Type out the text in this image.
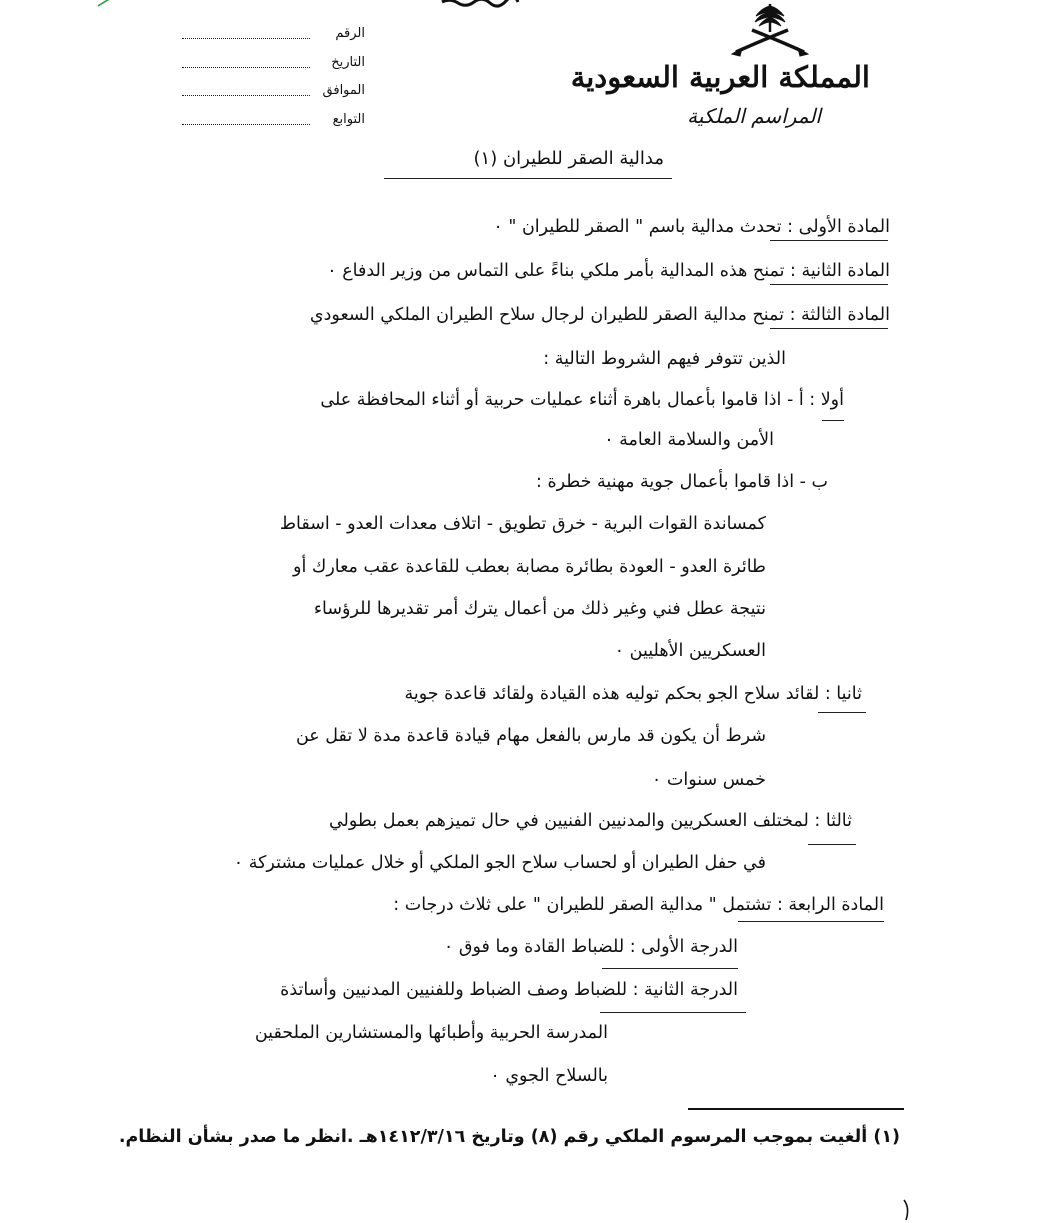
المملكة العربية السعودية
المراسم الملكية
الرقم
التاريخ
الموافق
التوابع
مدالية الصقر للطيران (١)
المادة الأولى : تحدث مدالية باسم " الصقر للطيران " ٠
المادة الثانية : تمنح هذه المدالية بأمر ملكي بناءً على التماس من وزير الدفاع ٠
المادة الثالثة : تمنح مدالية الصقر للطيران لرجال سلاح الطيران الملكي السعودي
الذين تتوفر فيهم الشروط التالية :
أولا : أ - اذا قاموا بأعمال باهرة أثناء عمليات حربية أو أثناء المحافظة على
الأمن والسلامة العامة ٠
ب - اذا قاموا بأعمال جوية مهنية خطرة :
كمساندة القوات البرية - خرق تطويق - اتلاف معدات العدو - اسقاط
طائرة العدو - العودة بطائرة مصابة بعطب للقاعدة عقب معارك أو
نتيجة عطل فني وغير ذلك من أعمال يترك أمر تقديرها للرؤساء
العسكريين الأهليين ٠
ثانيا : لقائد سلاح الجو بحكم توليه هذه القيادة ولقائد قاعدة جوية
شرط أن يكون قد مارس بالفعل مهام قيادة قاعدة مدة لا تقل عن
خمس سنوات ٠
ثالثا : لمختلف العسكريين والمدنيين الفنيين في حال تميزهم بعمل بطولي
في حفل الطيران أو لحساب سلاح الجو الملكي أو خلال عمليات مشتركة ٠
المادة الرابعة : تشتمل " مدالية الصقر للطيران " على ثلاث درجات :
الدرجة الأولى : للضباط القادة وما فوق ٠
الدرجة الثانية : للضباط وصف الضباط وللفنيين المدنيين وأساتذة
المدرسة الحربية وأطبائها والمستشارين الملحقين
بالسلاح الجوي ٠
(١) ألغيت بموجب المرسوم الملكي رقم (٨) وتاريخ ١٤١٢/٣/١٦هـ .انظر ما صدر بشأن النظام.
